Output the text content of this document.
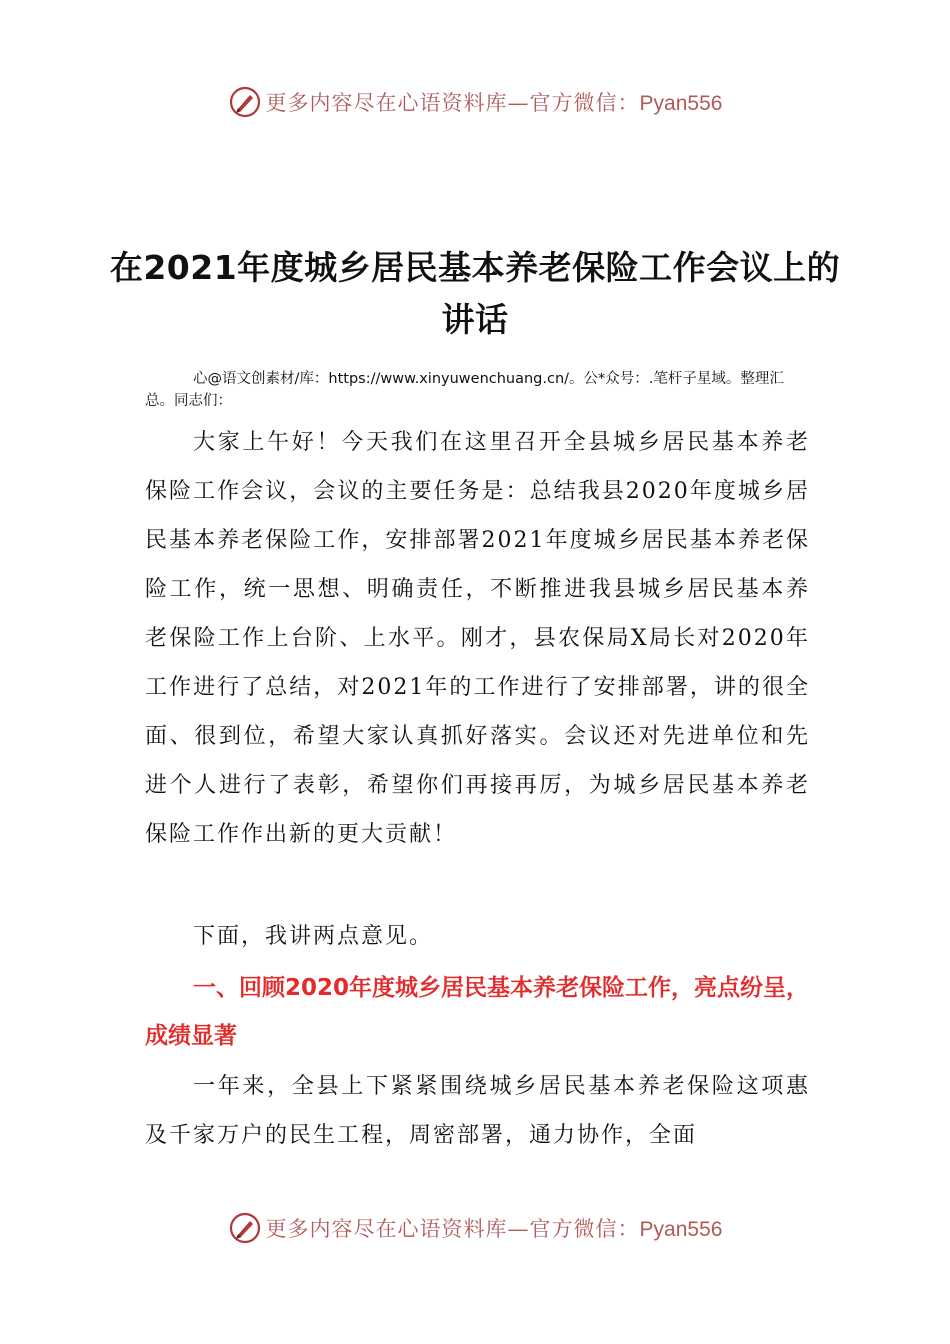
更多内容尽在心语资料库—官方微信：Pyan556
在2021年度城乡居民基本养老保险工作会议上的讲话

心@语文创素材/库：https://www.xinyuwenchuang.cn/。公*众号：.笔杆子星域。整理汇总。同志们：

大家上午好！今天我们在这里召开全县城乡居民基本养老保险工作会议，会议的主要任务是：总结我县2020年度城乡居民基本养老保险工作，安排部署2021年度城乡居民基本养老保险工作，统一思想、明确责任，不断推进我县城乡居民基本养老保险工作上台阶、上水平。刚才，县农保局X局长对2020年工作进行了总结，对2021年的工作进行了安排部署，讲的很全面、很到位，希望大家认真抓好落实。会议还对先进单位和先进个人进行了表彰，希望你们再接再厉，为城乡居民基本养老保险工作作出新的更大贡献！

下面，我讲两点意见。

一、回顾2020年度城乡居民基本养老保险工作，亮点纷呈，成绩显著

一年来，全县上下紧紧围绕城乡居民基本养老保险这项惠及千家万户的民生工程，周密部署，通力协作，全面

更多内容尽在心语资料库—官方微信：Pyan556
